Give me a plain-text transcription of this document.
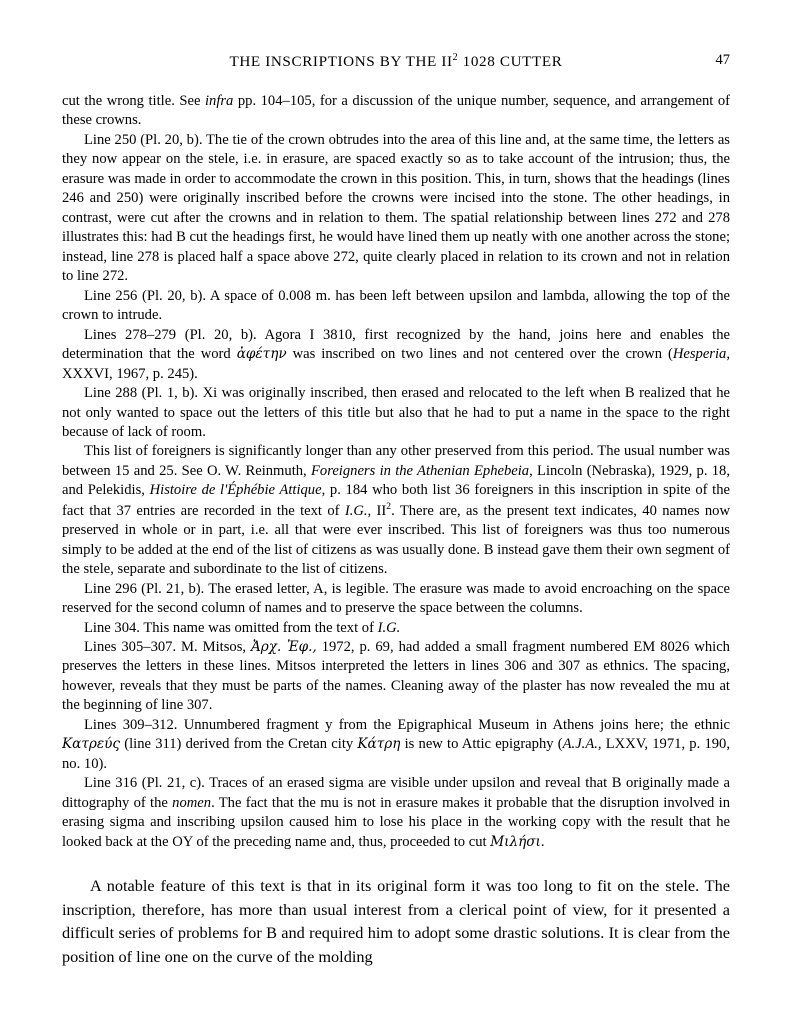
THE INSCRIPTIONS BY THE $II^2$ 1028 CUTTER	47

cut the wrong title. See infra pp. 104–105, for a discussion of the unique number, sequence, and arrangement of these crowns.

Line 250 (Pl. 20, b). The tie of the crown obtrudes into the area of this line and, at the same time, the letters as they now appear on the stele, i.e. in erasure, are spaced exactly so as to take account of the intrusion; thus, the erasure was made in order to accommodate the crown in this position. This, in turn, shows that the headings (lines 246 and 250) were originally inscribed before the crowns were incised into the stone. The other headings, in contrast, were cut after the crowns and in relation to them. The spatial relationship between lines 272 and 278 illustrates this: had B cut the headings first, he would have lined them up neatly with one another across the stone; instead, line 278 is placed half a space above 272, quite clearly placed in relation to its crown and not in relation to line 272.

Line 256 (Pl. 20, b). A space of 0.008 m. has been left between upsilon and lambda, allowing the top of the crown to intrude.

Lines 278–279 (Pl. 20, b). Agora I 3810, first recognized by the hand, joins here and enables the determination that the word ἀφέτην was inscribed on two lines and not centered over the crown (Hesperia, XXXVI, 1967, p. 245).

Line 288 (Pl. 1, b). Xi was originally inscribed, then erased and relocated to the left when B realized that he not only wanted to space out the letters of this title but also that he had to put a name in the space to the right because of lack of room.

This list of foreigners is significantly longer than any other preserved from this period. The usual number was between 15 and 25. See O. W. Reinmuth, Foreigners in the Athenian Ephebeia, Lincoln (Nebraska), 1929, p. 18, and Pelekidis, Histoire de l'Éphébie Attique, p. 184 who both list 36 foreigners in this inscription in spite of the fact that 37 entries are recorded in the text of I.G., $II^2$. There are, as the present text indicates, 40 names now preserved in whole or in part, i.e. all that were ever inscribed. This list of foreigners was thus too numerous simply to be added at the end of the list of citizens as was usually done. B instead gave them their own segment of the stele, separate and subordinate to the list of citizens.

Line 296 (Pl. 21, b). The erased letter, A, is legible. The erasure was made to avoid encroaching on the space reserved for the second column of names and to preserve the space between the columns.

Line 304. This name was omitted from the text of I.G.

Lines 305–307. M. Mitsos, Ἀρχ. Ἐφ., 1972, p. 69, had added a small fragment numbered EM 8026 which preserves the letters in these lines. Mitsos interpreted the letters in lines 306 and 307 as ethnics. The spacing, however, reveals that they must be parts of the names. Cleaning away of the plaster has now revealed the mu at the beginning of line 307.

Lines 309–312. Unnumbered fragment y from the Epigraphical Museum in Athens joins here; the ethnic Κατρεύς (line 311) derived from the Cretan city Κάτρη is new to Attic epigraphy (A.J.A., LXXV, 1971, p. 190, no. 10).

Line 316 (Pl. 21, c). Traces of an erased sigma are visible under upsilon and reveal that B originally made a dittography of the nomen. The fact that the mu is not in erasure makes it probable that the disruption involved in erasing sigma and inscribing upsilon caused him to lose his place in the working copy with the result that he looked back at the OY of the preceding name and, thus, proceeded to cut Μιλήσι.

A notable feature of this text is that in its original form it was too long to fit on the stele. The inscription, therefore, has more than usual interest from a clerical point of view, for it presented a difficult series of problems for B and required him to adopt some drastic solutions. It is clear from the position of line one on the curve of the molding
